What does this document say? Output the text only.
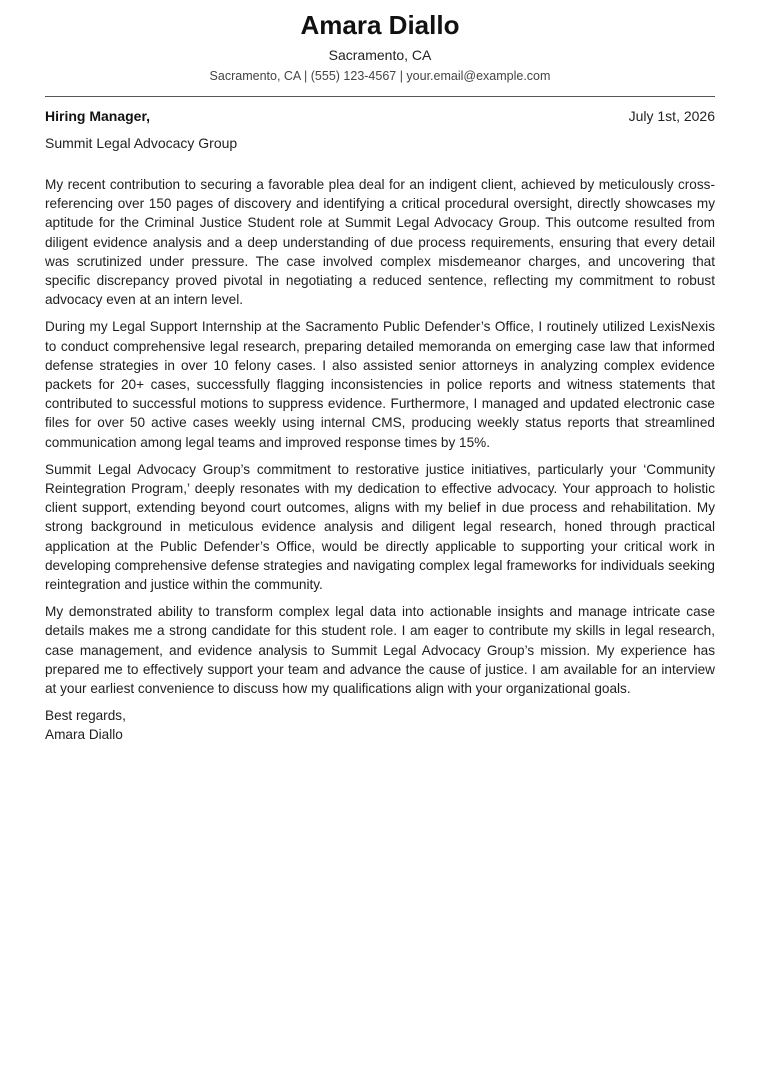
Amara Diallo
Sacramento, CA
Sacramento, CA | (555) 123-4567 | your.email@example.com
Hiring Manager,	July 1st, 2026
Summit Legal Advocacy Group

My recent contribution to securing a favorable plea deal for an indigent client, achieved by meticulously cross-referencing over 150 pages of discovery and identifying a critical procedural oversight, directly showcases my aptitude for the Criminal Justice Student role at Summit Legal Advocacy Group. This outcome resulted from diligent evidence analysis and a deep understanding of due process requirements, ensuring that every detail was scrutinized under pressure. The case involved complex misdemeanor charges, and uncovering that specific discrepancy proved pivotal in negotiating a reduced sentence, reflecting my commitment to robust advocacy even at an intern level.

During my Legal Support Internship at the Sacramento Public Defender’s Office, I routinely utilized LexisNexis to conduct comprehensive legal research, preparing detailed memoranda on emerging case law that informed defense strategies in over 10 felony cases. I also assisted senior attorneys in analyzing complex evidence packets for 20+ cases, successfully flagging inconsistencies in police reports and witness statements that contributed to successful motions to suppress evidence. Furthermore, I managed and updated electronic case files for over 50 active cases weekly using internal CMS, producing weekly status reports that streamlined communication among legal teams and improved response times by 15%.

Summit Legal Advocacy Group’s commitment to restorative justice initiatives, particularly your ‘Community Reintegration Program,’ deeply resonates with my dedication to effective advocacy. Your approach to holistic client support, extending beyond court outcomes, aligns with my belief in due process and rehabilitation. My strong background in meticulous evidence analysis and diligent legal research, honed through practical application at the Public Defender’s Office, would be directly applicable to supporting your critical work in developing comprehensive defense strategies and navigating complex legal frameworks for individuals seeking reintegration and justice within the community.

My demonstrated ability to transform complex legal data into actionable insights and manage intricate case details makes me a strong candidate for this student role. I am eager to contribute my skills in legal research, case management, and evidence analysis to Summit Legal Advocacy Group’s mission. My experience has prepared me to effectively support your team and advance the cause of justice. I am available for an interview at your earliest convenience to discuss how my qualifications align with your organizational goals.

Best regards,
Amara Diallo
